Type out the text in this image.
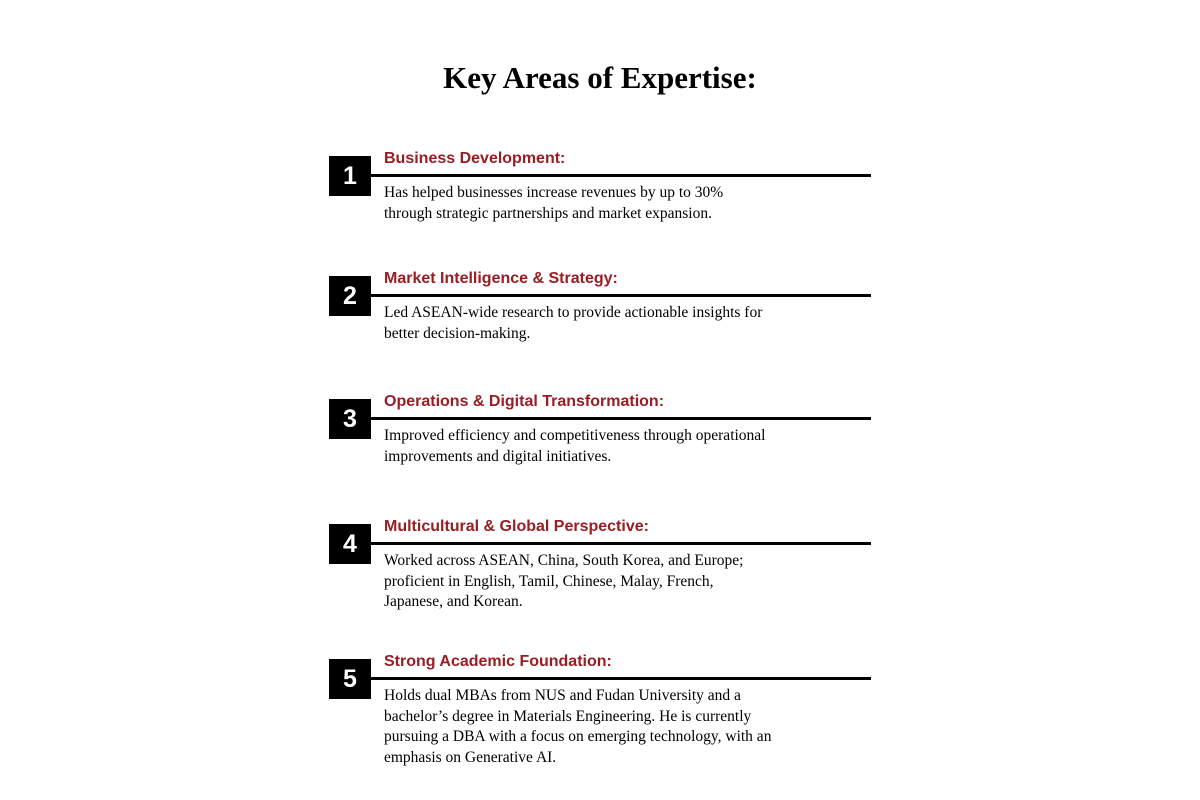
Key Areas of Expertise:
1
Business Development:
Has helped businesses increase revenues by up to 30%
through strategic partnerships and market expansion.
2
Market Intelligence & Strategy:
Led ASEAN-wide research to provide actionable insights for
better decision-making.
3
Operations & Digital Transformation:
Improved efficiency and competitiveness through operational
improvements and digital initiatives.
4
Multicultural & Global Perspective:
Worked across ASEAN, China, South Korea, and Europe;
proficient in English, Tamil, Chinese, Malay, French,
Japanese, and Korean.
5
Strong Academic Foundation:
Holds dual MBAs from NUS and Fudan University and a
bachelor’s degree in Materials Engineering. He is currently
pursuing a DBA with a focus on emerging technology, with an
emphasis on Generative AI.
